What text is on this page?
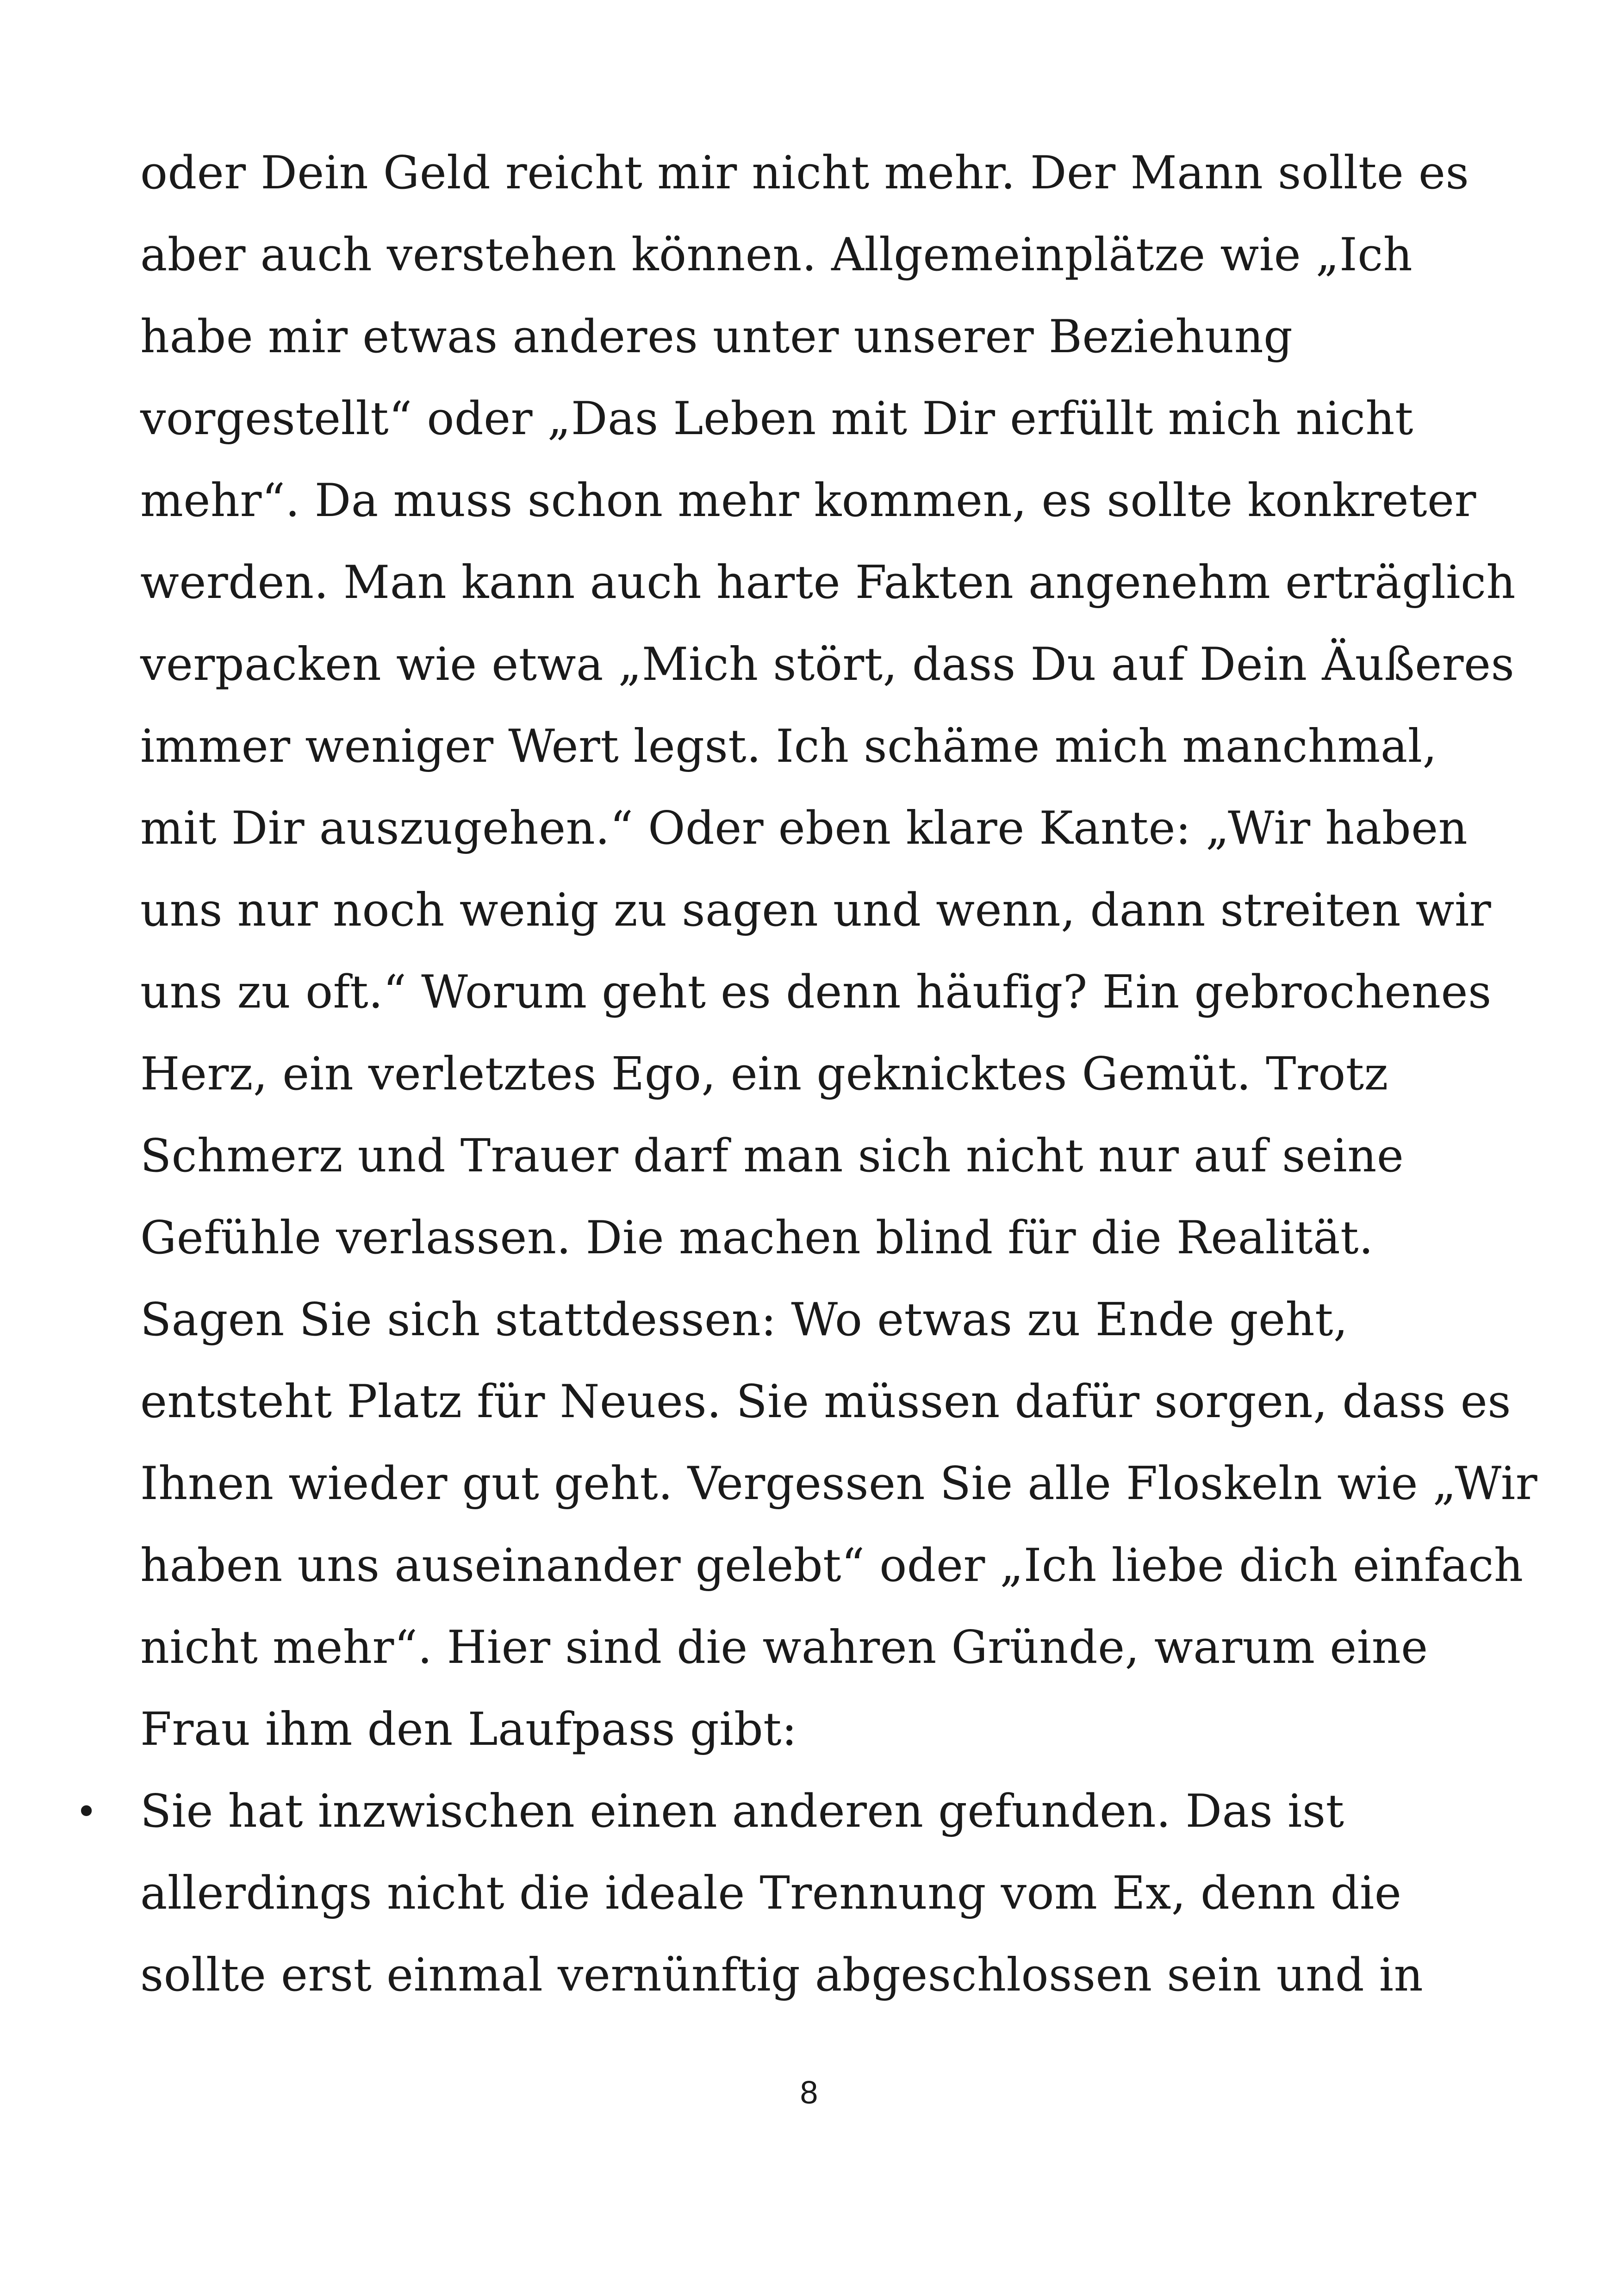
oder Dein Geld reicht mir nicht mehr. Der Mann sollte es
aber auch verstehen können. Allgemeinplätze wie „Ich
habe mir etwas anderes unter unserer Beziehung
vorgestellt“ oder „Das Leben mit Dir erfüllt mich nicht
mehr“. Da muss schon mehr kommen, es sollte konkreter
werden. Man kann auch harte Fakten angenehm erträglich
verpacken wie etwa „Mich stört, dass Du auf Dein Äußeres
immer weniger Wert legst. Ich schäme mich manchmal,
mit Dir auszugehen.“ Oder eben klare Kante: „Wir haben
uns nur noch wenig zu sagen und wenn, dann streiten wir
uns zu oft.“ Worum geht es denn häufig? Ein gebrochenes
Herz, ein verletztes Ego, ein geknicktes Gemüt. Trotz
Schmerz und Trauer darf man sich nicht nur auf seine
Gefühle verlassen. Die machen blind für die Realität.
Sagen Sie sich stattdessen: Wo etwas zu Ende geht,
entsteht Platz für Neues. Sie müssen dafür sorgen, dass es
Ihnen wieder gut geht. Vergessen Sie alle Floskeln wie „Wir
haben uns auseinander gelebt“ oder „Ich liebe dich einfach
nicht mehr“. Hier sind die wahren Gründe, warum eine
Frau ihm den Laufpass gibt:
• Sie hat inzwischen einen anderen gefunden. Das ist
allerdings nicht die ideale Trennung vom Ex, denn die
sollte erst einmal vernünftig abgeschlossen sein und in
8
